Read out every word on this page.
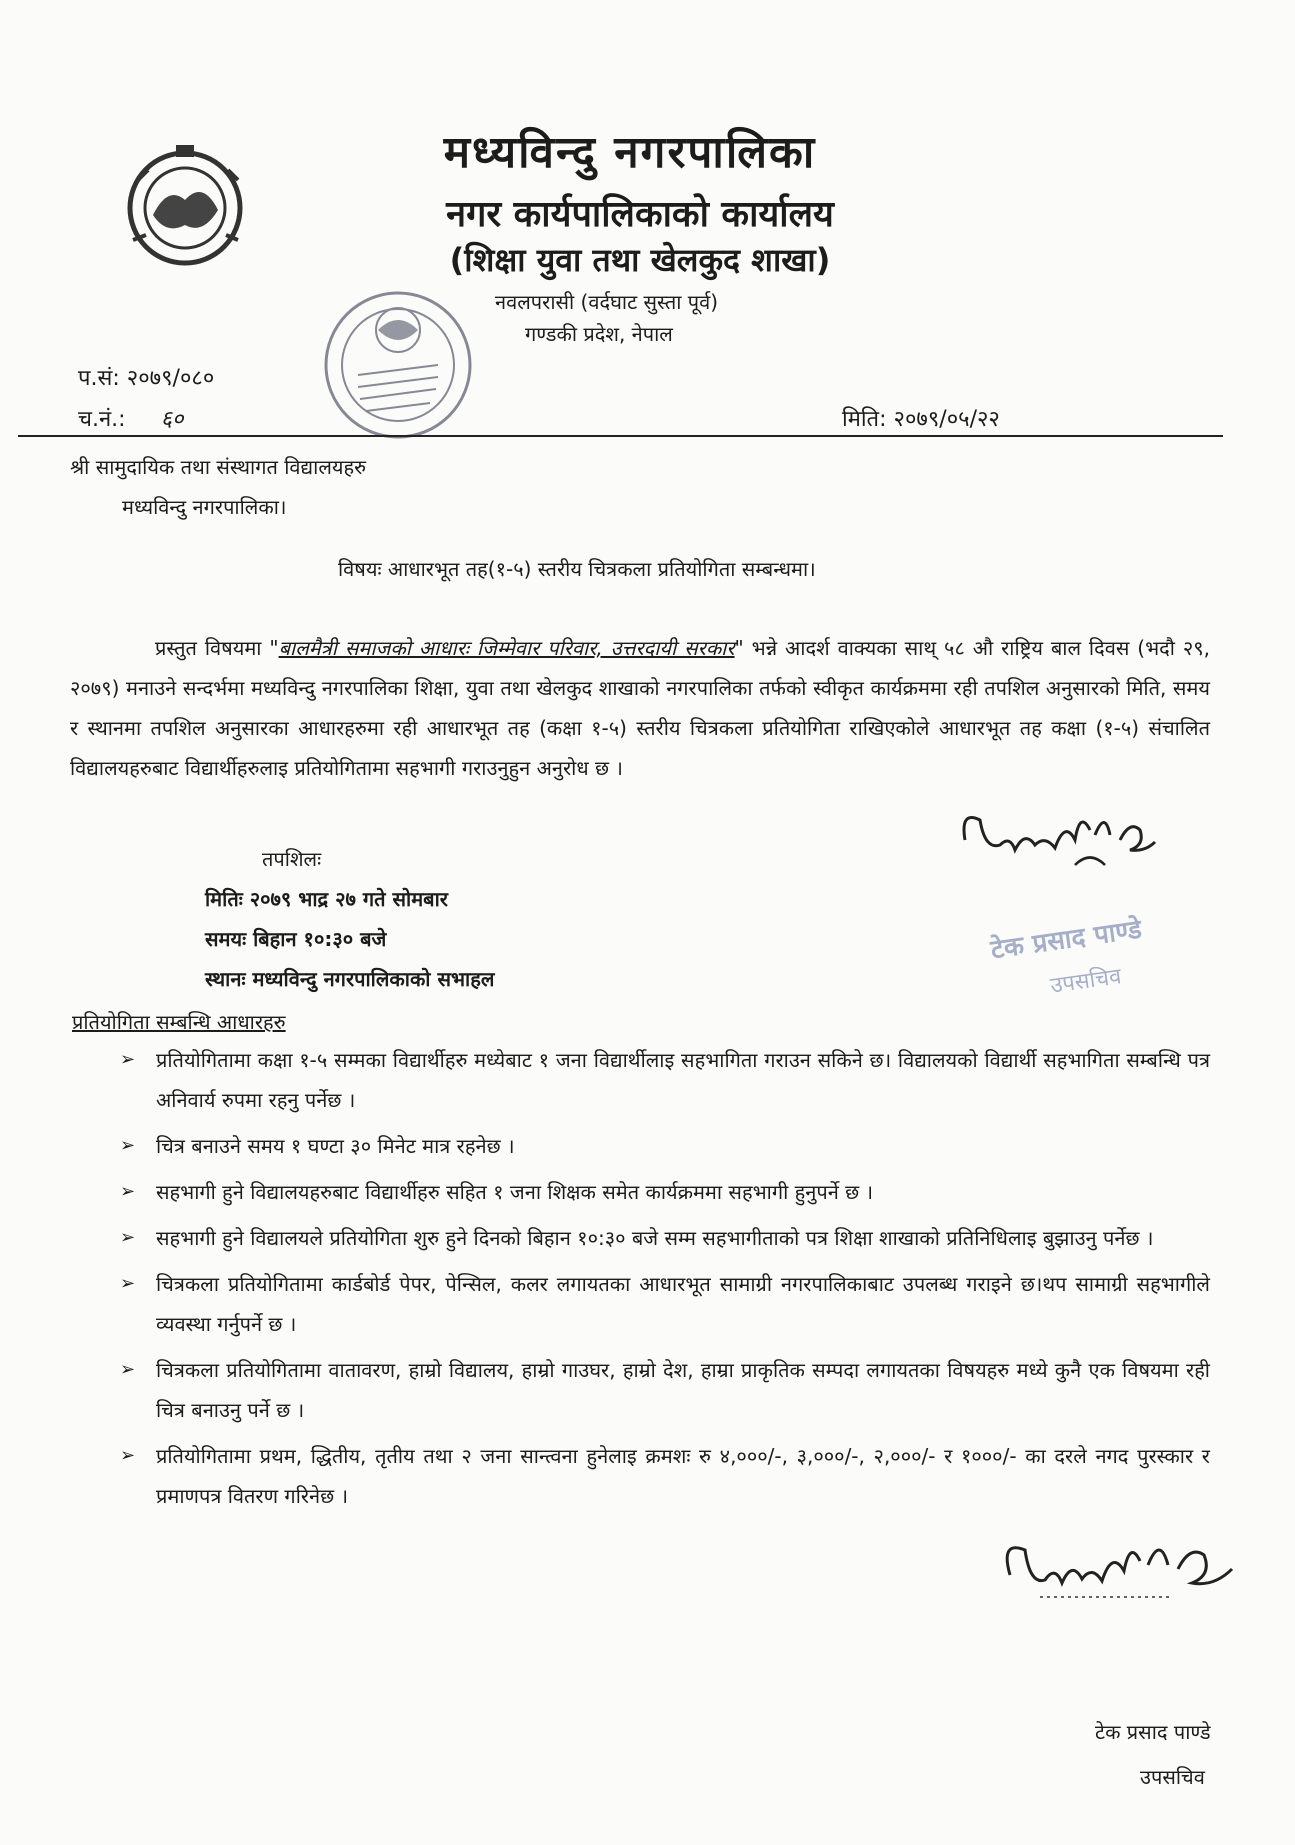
मध्यविन्दु नगरपालिका
नगर कार्यपालिकाको कार्यालय
(शिक्षा युवा तथा खेलकुद शाखा)
नवलपरासी (वर्दघाट सुस्ता पूर्व)
गण्डकी प्रदेश, नेपाल
प.सं: २०७९/०८०
च.नं.: ६०	मिति: २०७९/०५/२२
श्री सामुदायिक तथा संस्थागत विद्यालयहरु
मध्यविन्दु नगरपालिका।
विषयः आधारभूत तह(१-५) स्तरीय चित्रकला प्रतियोगिता सम्बन्धमा।
प्रस्तुत विषयमा "बालमैत्री समाजको आधारः जिम्मेवार परिवार, उत्तरदायी सरकार" भन्ने आदर्श वाक्यका साथ् ५८ औ राष्ट्रिय बाल दिवस (भदौ २९, २०७९) मनाउने सन्दर्भमा मध्यविन्दु नगरपालिका शिक्षा, युवा तथा खेलकुद शाखाको नगरपालिका तर्फको स्वीकृत कार्यक्रममा रही तपशिल अनुसारको मिति, समय र स्थानमा तपशिल अनुसारका आधारहरुमा रही आधारभूत तह (कक्षा १-५) स्तरीय चित्रकला प्रतियोगिता राखिएकोले आधारभूत तह कक्षा (१-५) संचालित विद्यालयहरुबाट विद्यार्थीहरुलाइ प्रतियोगितामा सहभागी गराउनुहुन अनुरोध छ ।
तपशिलः
मितिः २०७९ भाद्र २७ गते सोमबार
समयः बिहान १०:३० बजे
स्थानः मध्यविन्दु नगरपालिकाको सभाहल
टेक प्रसाद पाण्डे
उपसचिव
प्रतियोगिता सम्बन्धि आधारहरु
➢ प्रतियोगितामा कक्षा १-५ सम्मका विद्यार्थीहरु मध्येबाट १ जना विद्यार्थीलाइ सहभागिता गराउन सकिने छ। विद्यालयको विद्यार्थी सहभागिता सम्बन्धि पत्र अनिवार्य रुपमा रहनु पर्नेछ ।
➢ चित्र बनाउने समय १ घण्टा ३० मिनेट मात्र रहनेछ ।
➢ सहभागी हुने विद्यालयहरुबाट विद्यार्थीहरु सहित १ जना शिक्षक समेत कार्यक्रममा सहभागी हुनुपर्ने छ ।
➢ सहभागी हुने विद्यालयले प्रतियोगिता शुरु हुने दिनको बिहान १०:३० बजे सम्म सहभागीताको पत्र शिक्षा शाखाको प्रतिनिधिलाइ बुझाउनु पर्नेछ ।
➢ चित्रकला प्रतियोगितामा कार्डबोर्ड पेपर, पेन्सिल, कलर लगायतका आधारभूत सामाग्री नगरपालिकाबाट उपलब्ध गराइने छ।थप सामाग्री सहभागीले व्यवस्था गर्नुपर्ने छ ।
➢ चित्रकला प्रतियोगितामा वातावरण, हाम्रो विद्यालय, हाम्रो गाउघर, हाम्रो देश, हाम्रा प्राकृतिक सम्पदा लगायतका विषयहरु मध्ये कुनै एक विषयमा रही चित्र बनाउनु पर्ने छ ।
➢ प्रतियोगितामा प्रथम, द्धितीय, तृतीय तथा २ जना सान्त्वना हुनेलाइ क्रमशः रु ४,०००/-, ३,०००/-, २,०००/- र १०००/- का दरले नगद पुरस्कार र प्रमाणपत्र वितरण गरिनेछ ।
टेक प्रसाद पाण्डे
उपसचिव
